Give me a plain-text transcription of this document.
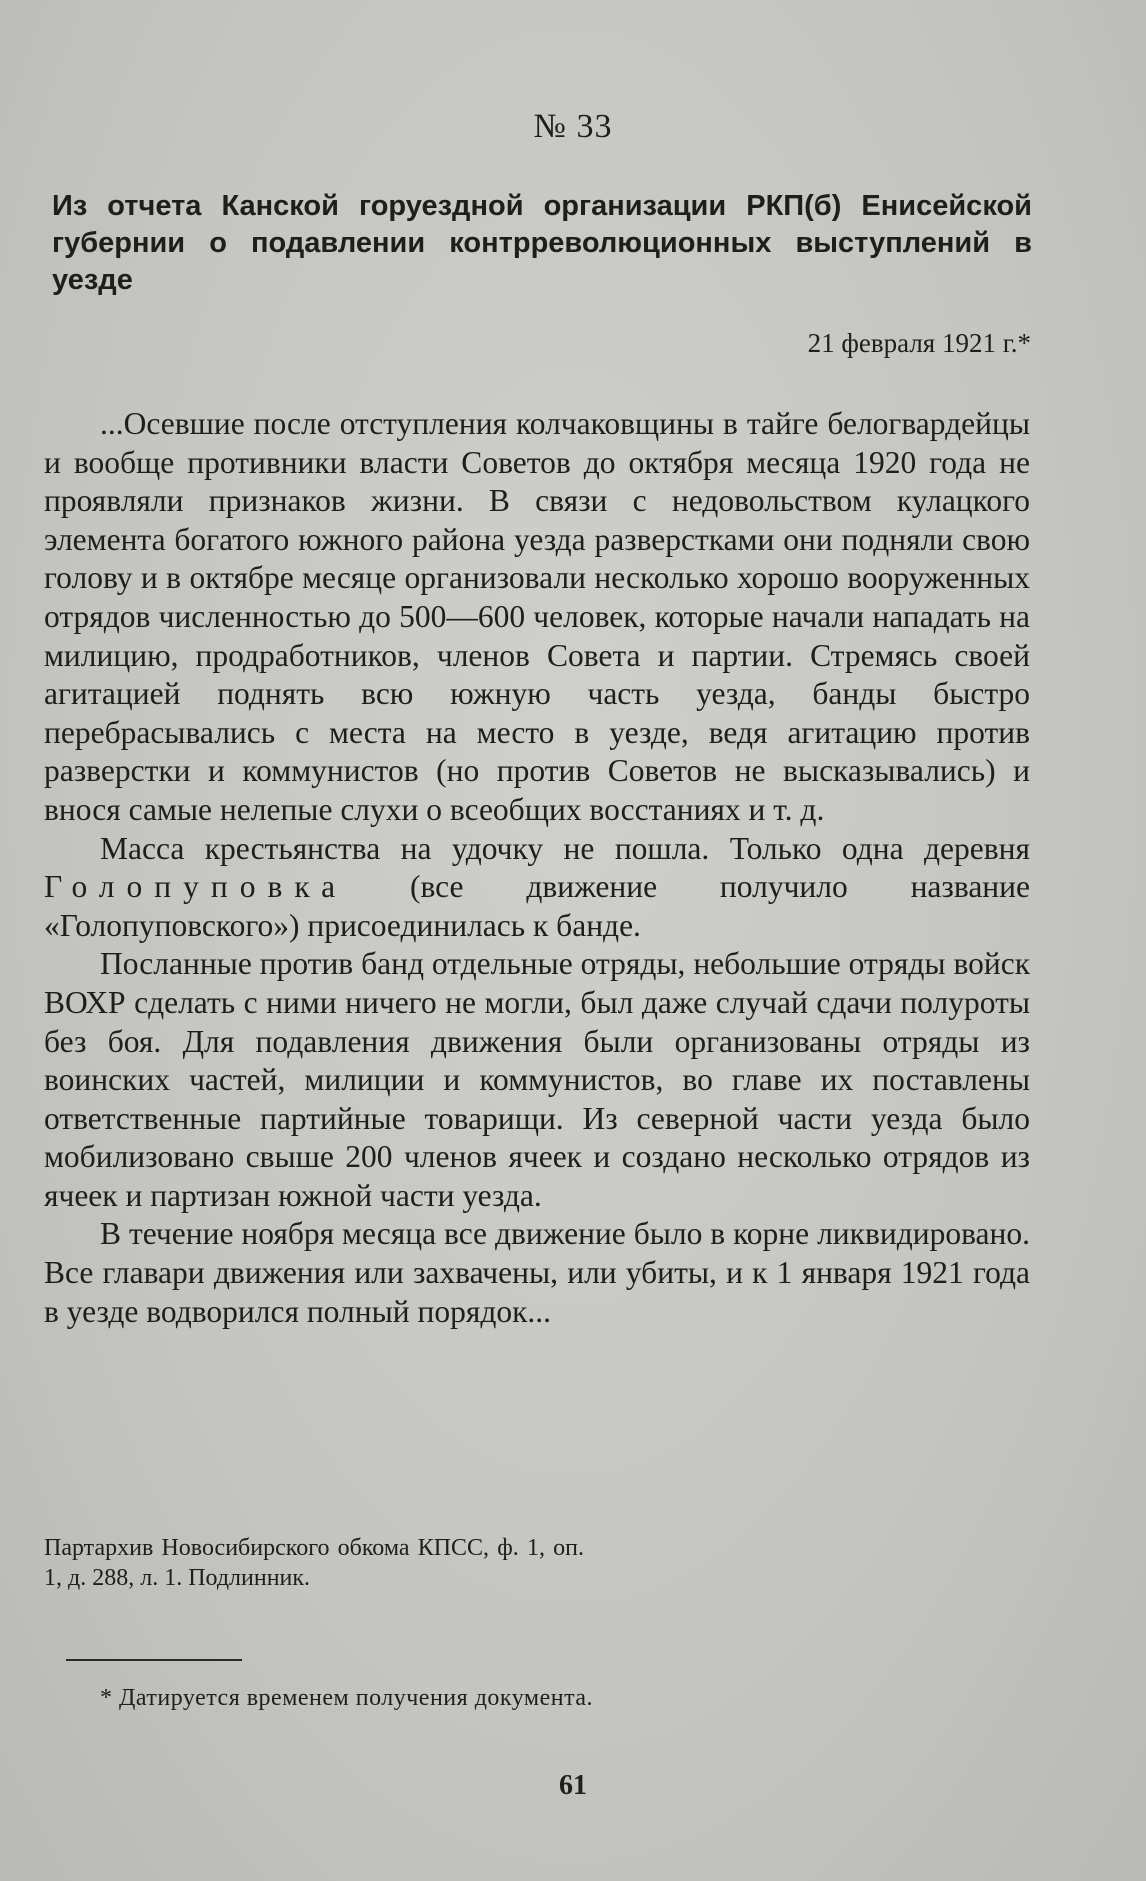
№ 33
Из отчета Канской горуездной организации РКП(б) Енисейской губернии о подавлении контрреволюционных выступлений в уезде
21 февраля 1921 г.*

...Осевшие после отступления колчаковщины в тайге белогвардейцы и вообще противники власти Советов до октября месяца 1920 года не проявляли признаков жизни. В связи с недовольством кулацкого элемента богатого южного района уезда разверстками они подняли свою голову и в октябре месяце организовали несколько хорошо вооруженных отрядов численностью до 500—600 человек, которые начали нападать на милицию, продработников, членов Совета и партии. Стремясь своей агитацией поднять всю южную часть уезда, банды быстро перебрасывались с места на место в уезде, ведя агитацию против разверстки и коммунистов (но против Советов не высказывались) и внося самые нелепые слухи о всеобщих восстаниях и т. д.

Масса крестьянства на удочку не пошла. Только одна деревня Голопуповка (все движение получило название «Голопуповского») присоединилась к банде.

Посланные против банд отдельные отряды, небольшие отряды войск ВОХР сделать с ними ничего не могли, был даже случай сдачи полуроты без боя. Для подавления движения были организованы отряды из воинских частей, милиции и коммунистов, во главе их поставлены ответственные партийные товарищи. Из северной части уезда было мобилизовано свыше 200 членов ячеек и создано несколько отрядов из ячеек и партизан южной части уезда.

В течение ноября месяца все движение было в корне ликвидировано. Все главари движения или захвачены, или убиты, и к 1 января 1921 года в уезде водворился полный порядок...

Партархив Новосибирского обкома КПСС, ф. 1, оп. 1, д. 288, л. 1. Подлинник.
* Датируется временем получения документа.
61
